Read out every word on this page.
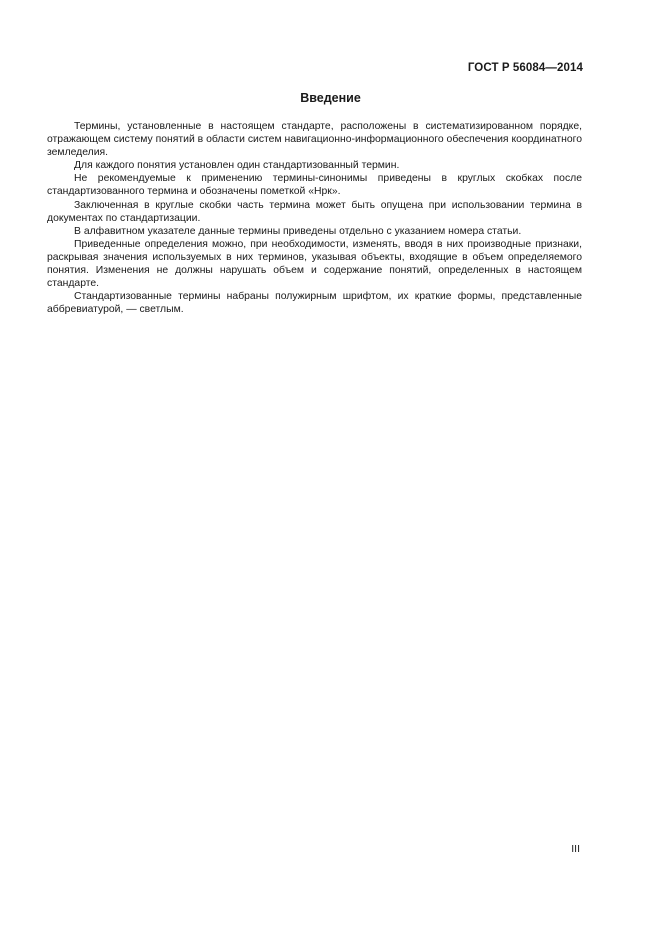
ГОСТ Р 56084—2014
Введение

Термины, установленные в настоящем стандарте, расположены в систематизированном порядке, отражающем систему понятий в области систем навигационно-информационного обеспечения координатного земледелия.

Для каждого понятия установлен один стандартизованный термин.

Не рекомендуемые к применению термины-синонимы приведены в круглых скобках после стандартизованного термина и обозначены пометкой «Нрк».

Заключенная в круглые скобки часть термина может быть опущена при использовании термина в документах по стандартизации.

В алфавитном указателе данные термины приведены отдельно с указанием номера статьи.

Приведенные определения можно, при необходимости, изменять, вводя в них производные признаки, раскрывая значения используемых в них терминов, указывая объекты, входящие в объем определяемого понятия. Изменения не должны нарушать объем и содержание понятий, определенных в настоящем стандарте.

Стандартизованные термины набраны полужирным шрифтом, их краткие формы, представленные аббревиатурой, — светлым.

III
